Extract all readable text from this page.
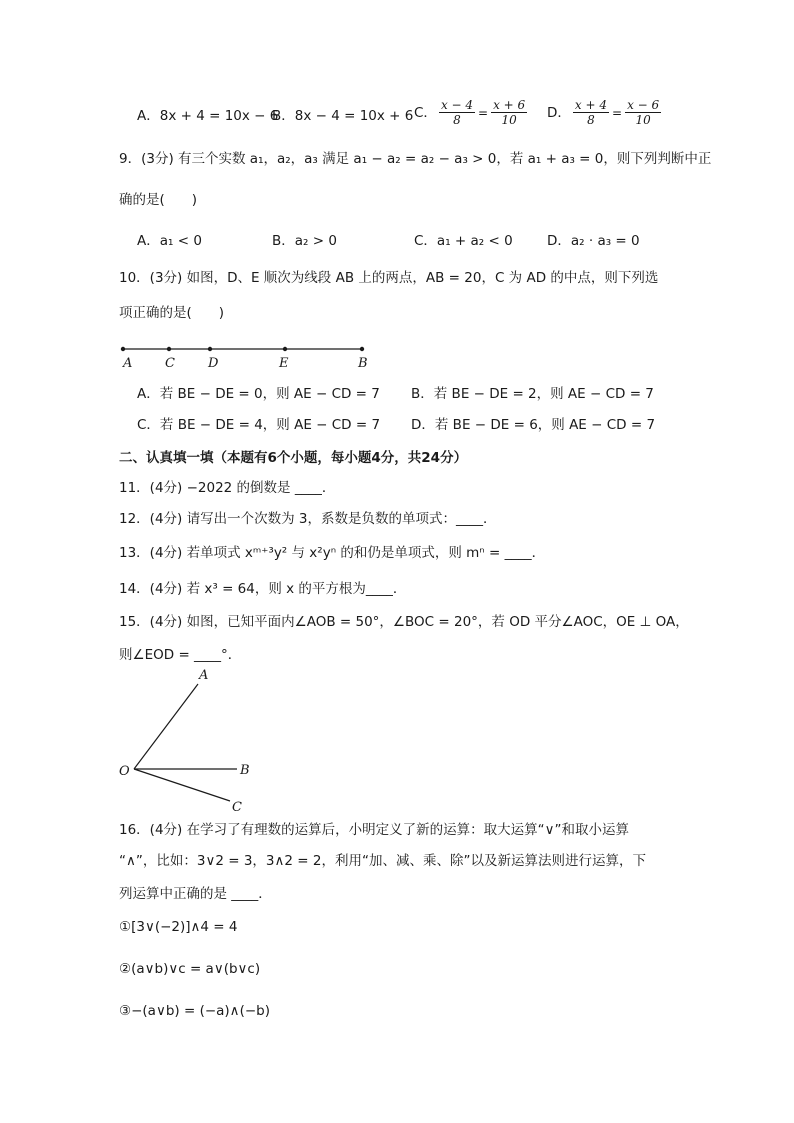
A．8x + 4 = 10x − 6
B．8x − 4 = 10x + 6 C． $\frac{x - 4}{8} = \frac{x + 6}{10}$ D． $\frac{x + 4}{8} = \frac{x - 6}{10}$
9．(3分) 有三个实数 a₁，a₂，a₃ 满足 a₁ − a₂ = a₂ − a₃ > 0，若 a₁ + a₃ = 0，则下列判断中正
确的是(　　)
A．a₁ < 0	B．a₂ > 0	C．a₁ + a₂ < 0	D．a₂ · a₃ = 0
10．(3分) 如图，D、E 顺次为线段 AB 上的两点，AB = 20，C 为 AD 的中点，则下列选
项正确的是(　　)
A	C	D	E	B
A．若 BE − DE = 0，则 AE − CD = 7 B．若 BE − DE = 2，则 AE − CD = 7
C．若 BE − DE = 4，则 AE − CD = 7 D．若 BE − DE = 6，则 AE − CD = 7
二、认真填一填（本题有6个小题，每小题4分，共24分）
11．(4分) −2022 的倒数是 ____．
12．(4分) 请写出一个次数为 3，系数是负数的单项式：____．
13．(4分) 若单项式 xᵐ⁺³y² 与 x²yⁿ 的和仍是单项式，则 mⁿ = ____．
14．(4分) 若 x³ = 64，则 x 的平方根为____．
15．(4分) 如图，已知平面内∠AOB = 50°，∠BOC = 20°，若 OD 平分∠AOC，OE ⊥ OA，
则∠EOD = ____°．
A
O	B
C
16．(4分) 在学习了有理数的运算后，小明定义了新的运算：取大运算“∨”和取小运算
“∧”，比如：3∨2 = 3，3∧2 = 2，利用“加、减、乘、除”以及新运算法则进行运算，下
列运算中正确的是 ____．
①[3∨(−2)]∧4 = 4
②(a∨b)∨c = a∨(b∨c)
③−(a∨b) = (−a)∧(−b)
